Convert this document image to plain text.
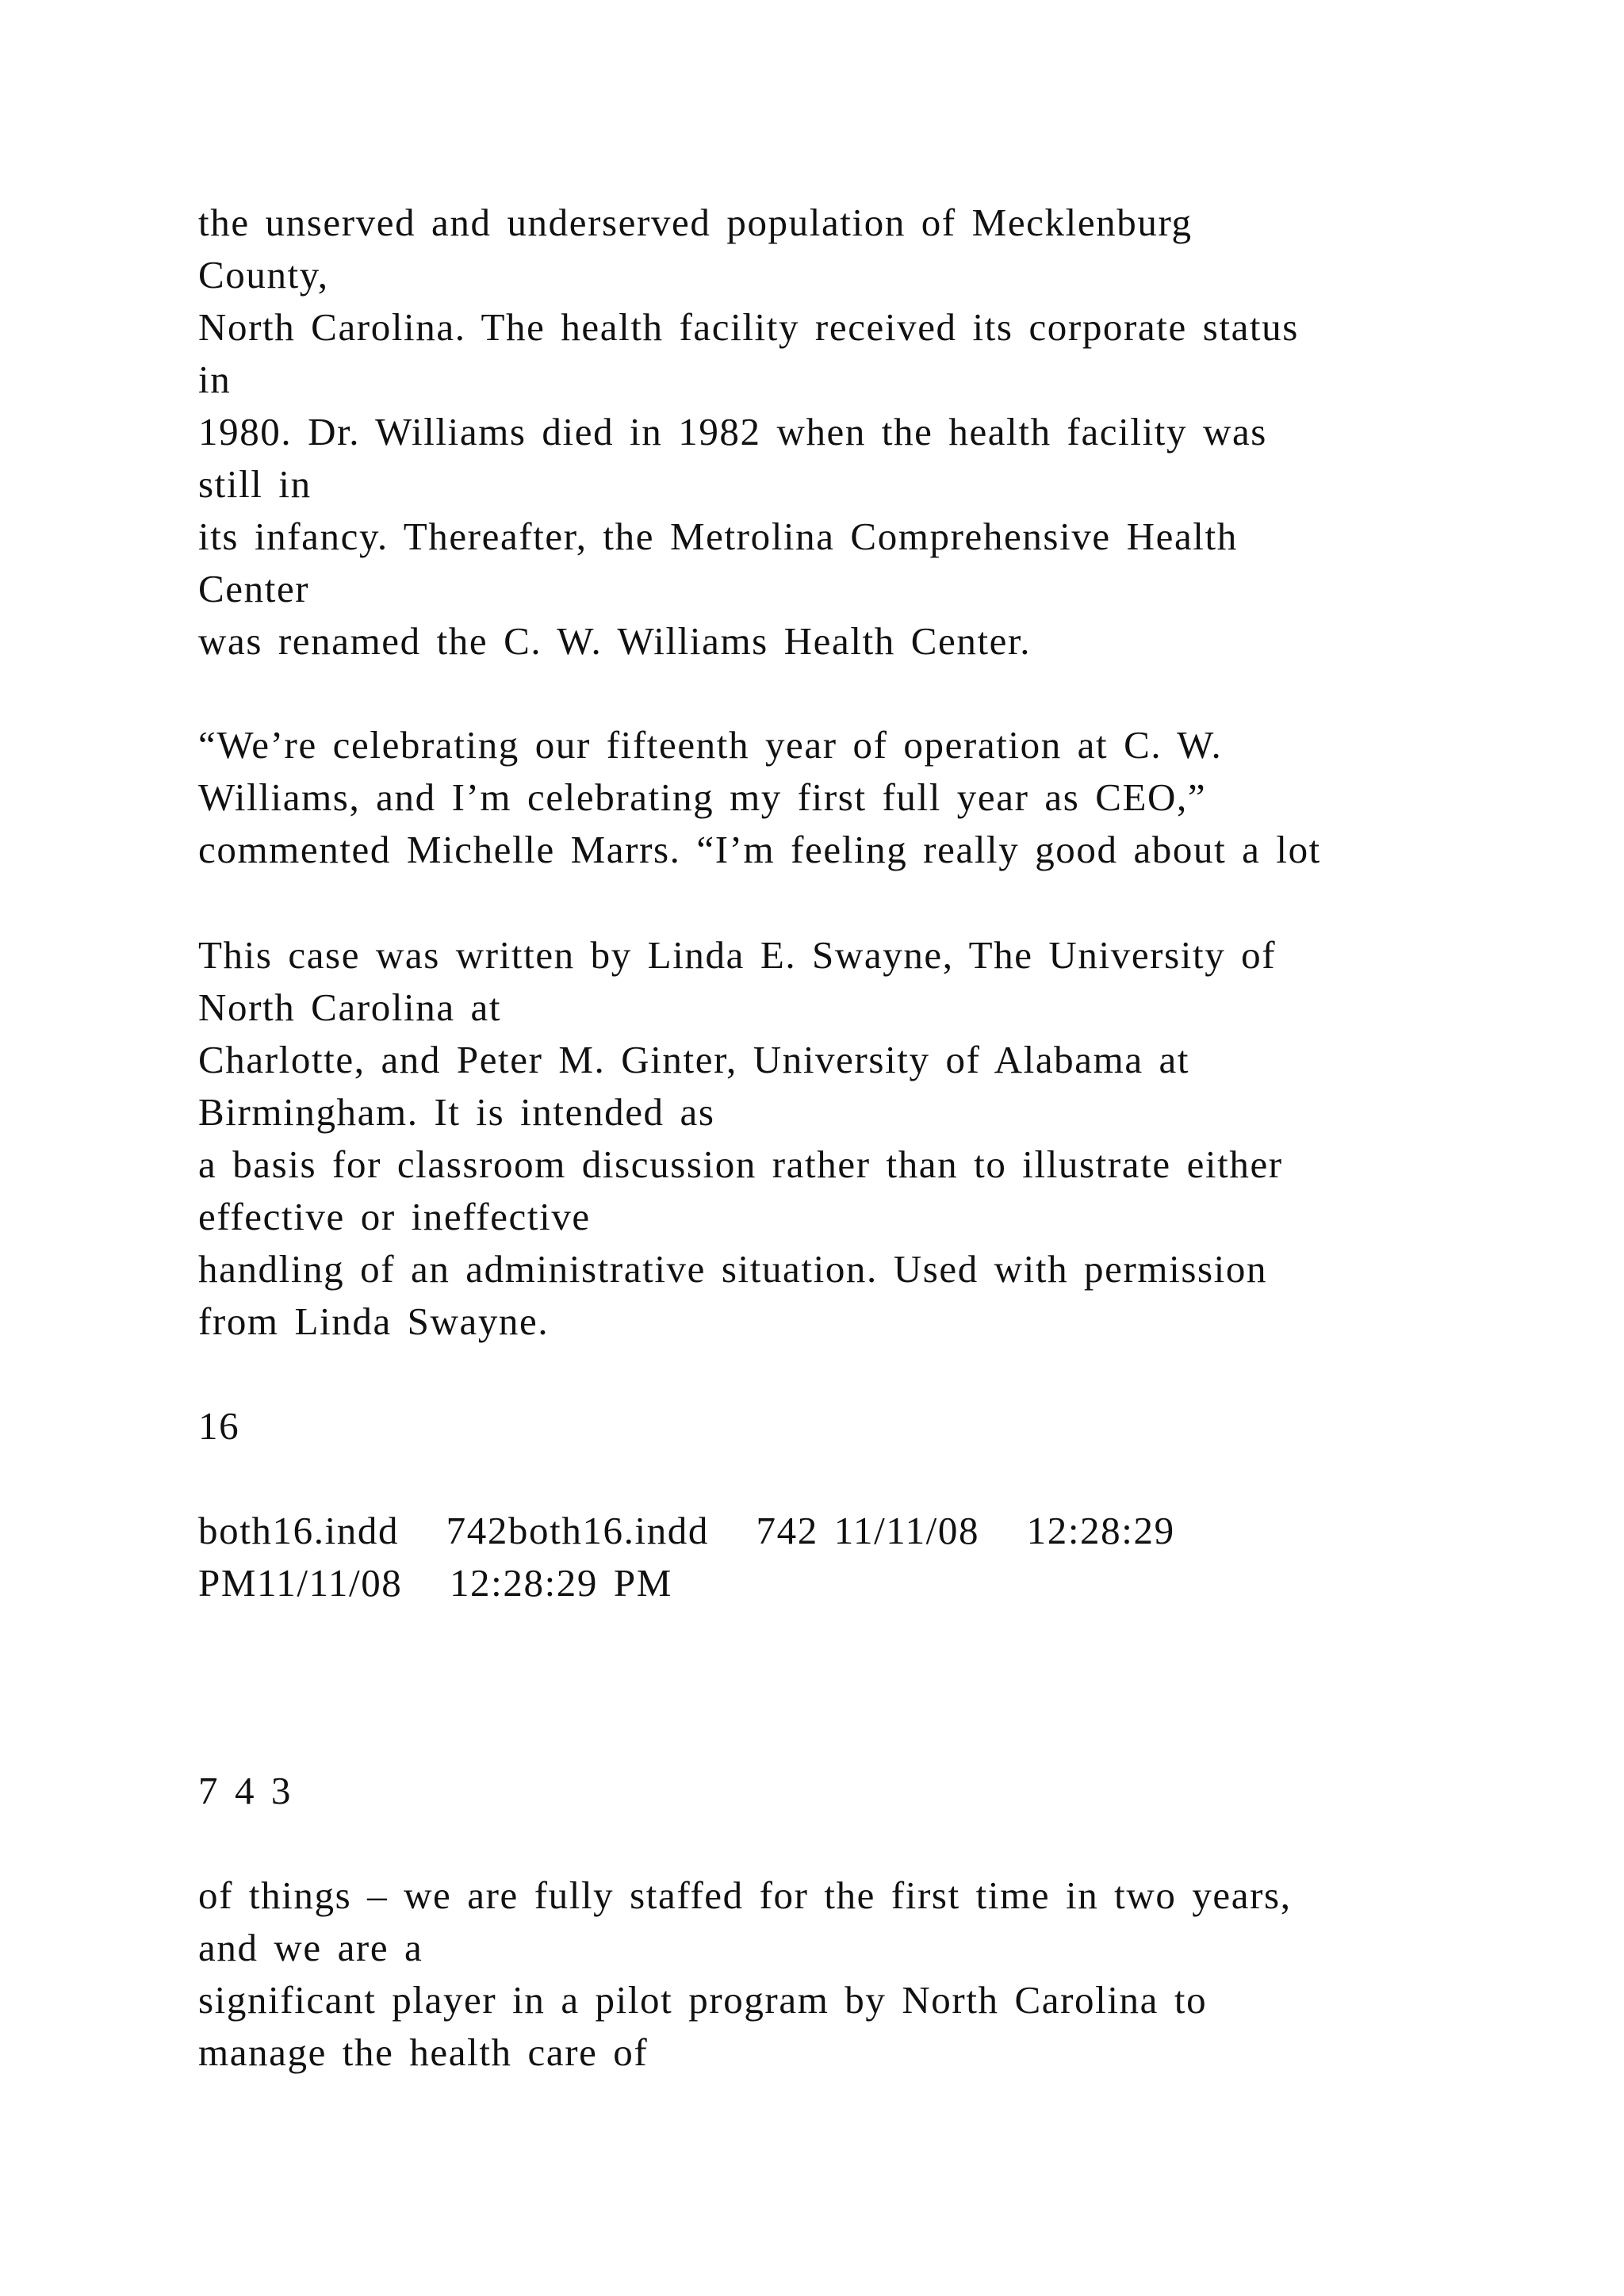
the unserved and underserved population of Mecklenburg
County,
North Carolina. The health facility received its corporate status
in
1980. Dr. Williams died in 1982 when the health facility was
still in
its infancy. Thereafter, the Metrolina Comprehensive Health
Center
was renamed the C. W. Williams Health Center.
“We’re celebrating our fifteenth year of operation at C. W.
Williams, and I’m celebrating my first full year as CEO,”
commented Michelle Marrs. “I’m feeling really good about a lot
This case was written by Linda E. Swayne, The University of
North Carolina at
Charlotte, and Peter M. Ginter, University of Alabama at
Birmingham. It is intended as
a basis for classroom discussion rather than to illustrate either
effective or ineffective
handling of an administrative situation. Used with permission
from Linda Swayne.
16
both16.indd   742both16.indd   742 11/11/08   12:28:29
PM11/11/08   12:28:29 PM
7 4 3
of things – we are fully staffed for the first time in two years,
and we are a
significant player in a pilot program by North Carolina to
manage the health care of
